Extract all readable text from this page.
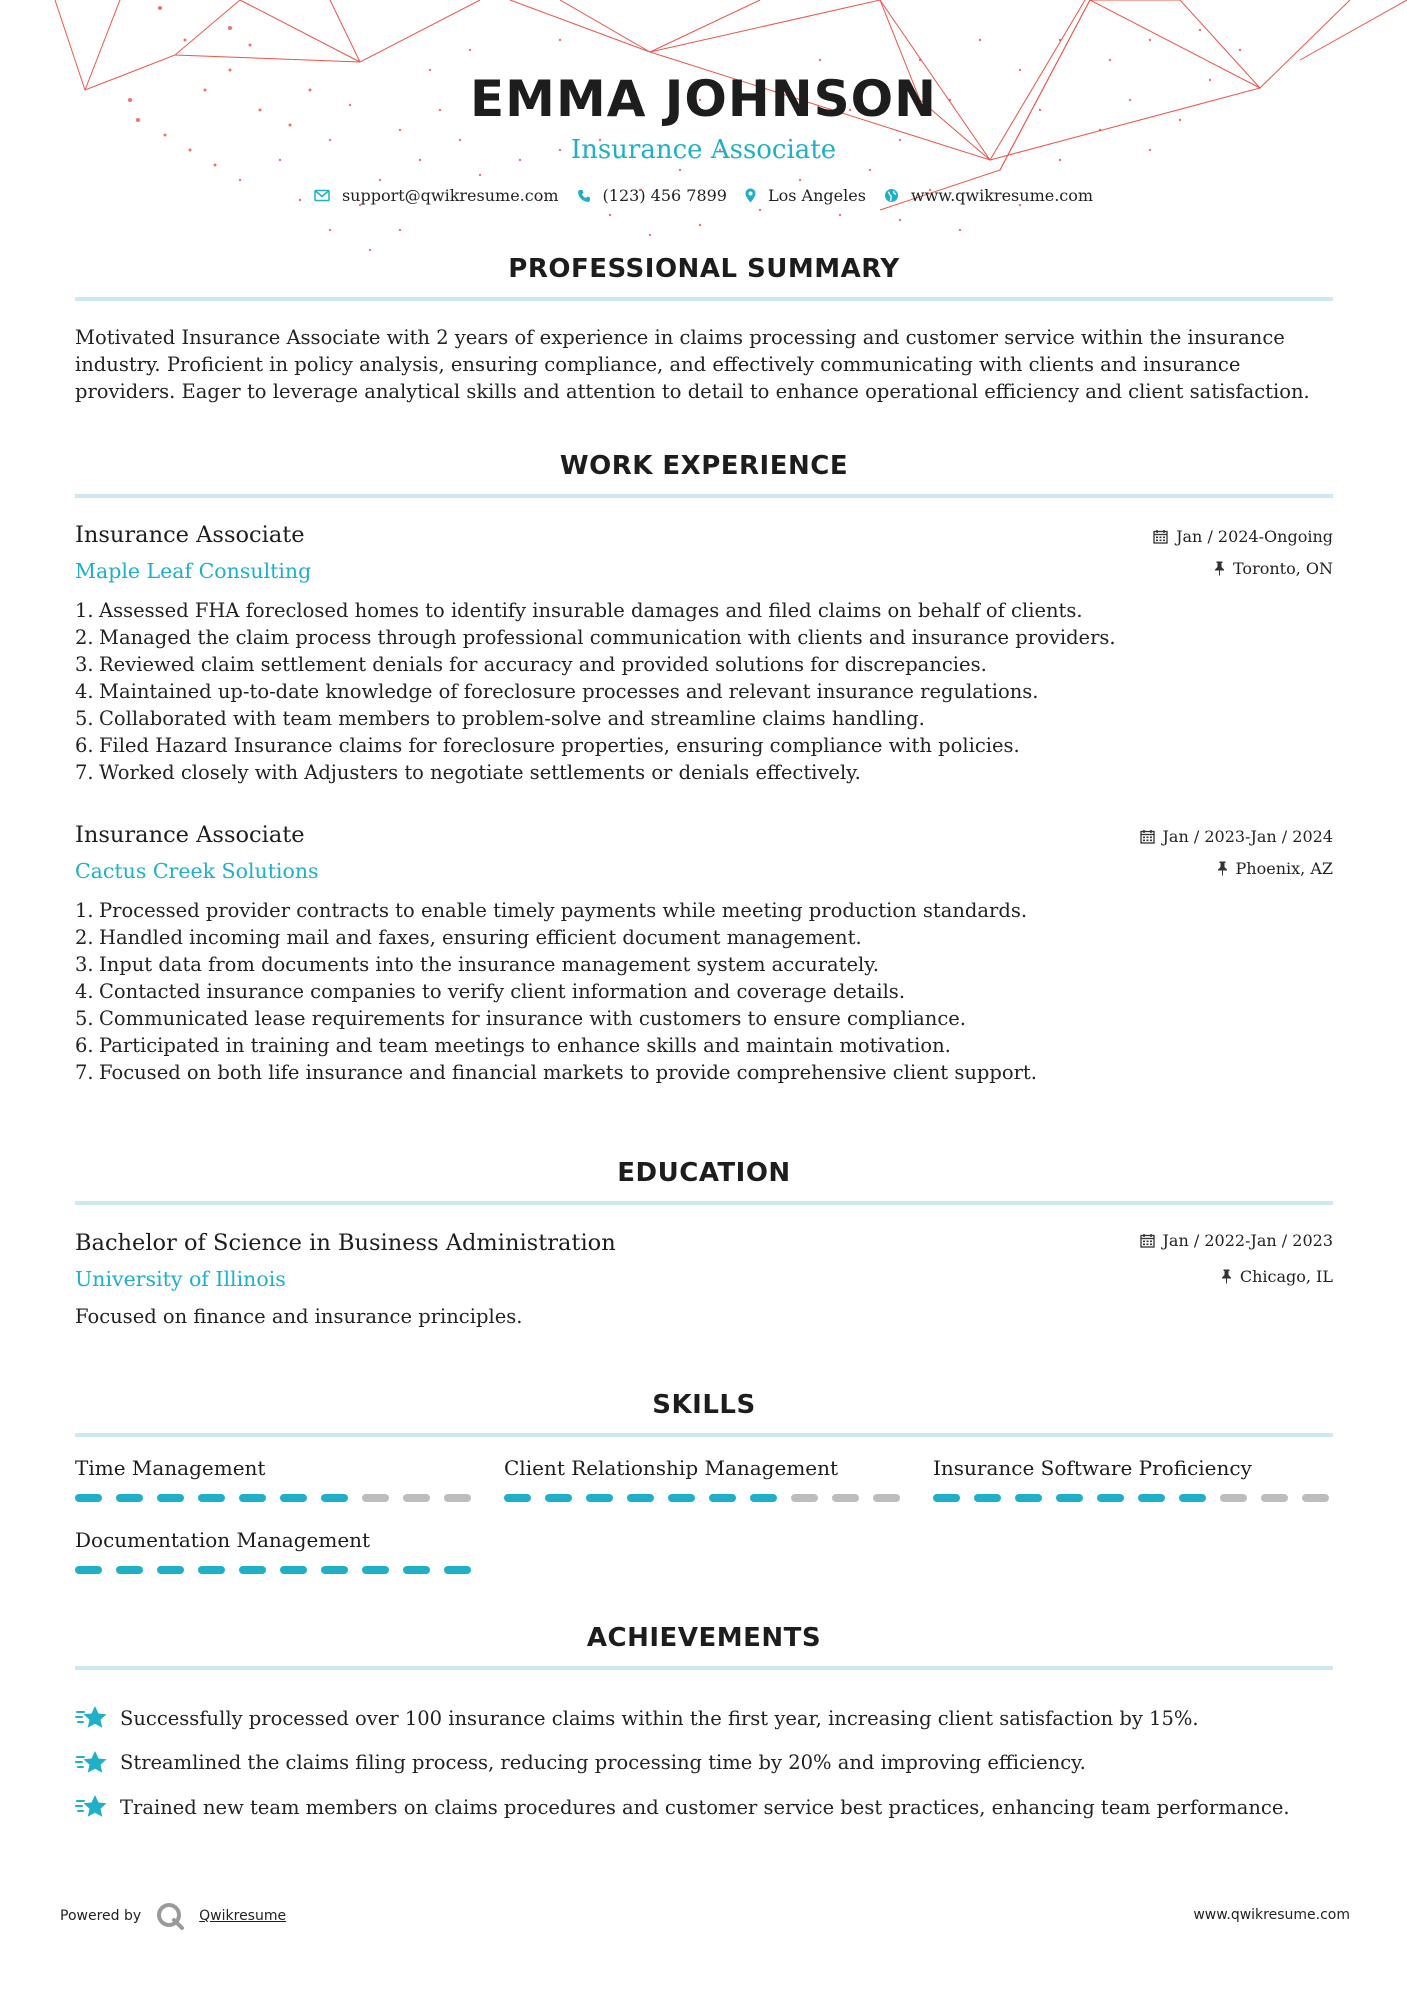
EMMA JOHNSON
Insurance Associate
support@qwikresume.com	(123) 456 7899	Los Angeles	www.qwikresume.com
PROFESSIONAL SUMMARY

Motivated Insurance Associate with 2 years of experience in claims processing and customer service within the insurance industry. Proficient in policy analysis, ensuring compliance, and effectively communicating with clients and insurance providers. Eager to leverage analytical skills and attention to detail to enhance operational efficiency and client satisfaction.

WORK EXPERIENCE
Insurance Associate
Maple Leaf Consulting
Jan / 2024-Ongoing
Toronto, ON
1. Assessed FHA foreclosed homes to identify insurable damages and filed claims on behalf of clients.
2. Managed the claim process through professional communication with clients and insurance providers.
3. Reviewed claim settlement denials for accuracy and provided solutions for discrepancies.
4. Maintained up-to-date knowledge of foreclosure processes and relevant insurance regulations.
5. Collaborated with team members to problem-solve and streamline claims handling.
6. Filed Hazard Insurance claims for foreclosure properties, ensuring compliance with policies.
7. Worked closely with Adjusters to negotiate settlements or denials effectively.
Insurance Associate
Cactus Creek Solutions
Jan / 2023-Jan / 2024
Phoenix, AZ
1. Processed provider contracts to enable timely payments while meeting production standards.
2. Handled incoming mail and faxes, ensuring efficient document management.
3. Input data from documents into the insurance management system accurately.
4. Contacted insurance companies to verify client information and coverage details.
5. Communicated lease requirements for insurance with customers to ensure compliance.
6. Participated in training and team meetings to enhance skills and maintain motivation.
7. Focused on both life insurance and financial markets to provide comprehensive client support.
EDUCATION
Bachelor of Science in Business Administration
University of Illinois
Jan / 2022-Jan / 2023
Chicago, IL
Focused on finance and insurance principles.
SKILLS
Time Management	Client Relationship Management	Insurance Software Proficiency
Documentation Management
ACHIEVEMENTS
Successfully processed over 100 insurance claims within the first year, increasing client satisfaction by 15%.
Streamlined the claims filing process, reducing processing time by 20% and improving efficiency.
Trained new team members on claims procedures and customer service best practices, enhancing team performance.
Powered by	Qwikresume	www.qwikresume.com
